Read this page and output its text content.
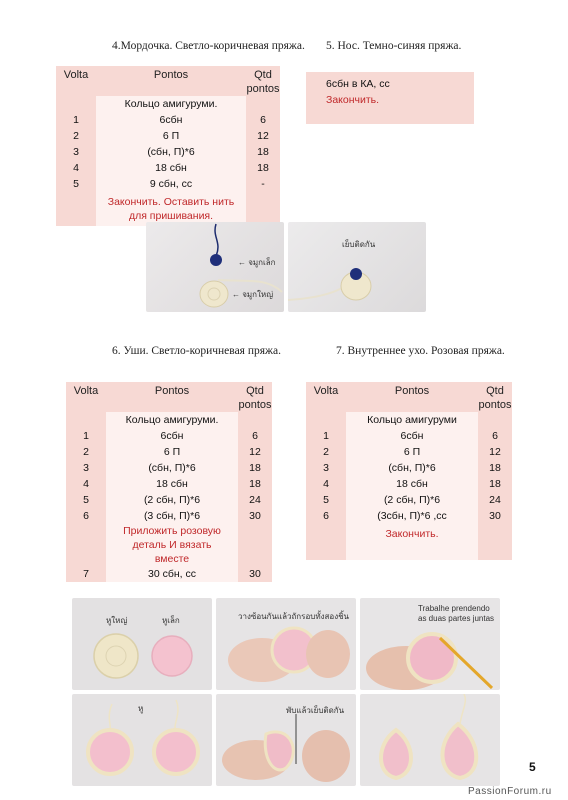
4.Мордочка. Светло-коричневая пряжа.
Volta	Pontos	Qtd pontos
	Кольцо амигуруми.	
1	6сбн	6
2	6 П	12
3	(сбн, П)*6	18
4	18 сбн	18
5	9 сбн, сс	-
	Закончить. Оставить нить для пришивания.	
5. Нос. Темно-синяя пряжа.
6сбн в КА, сс
Закончить.
← จมูกเล็ก
← จมูกใหญ่
เย็บติดกัน
6. Уши. Светло-коричневая пряжа.
Volta	Pontos	Qtd pontos
	Кольцо амигуруми.	
1	6сбн	6
2	6 П	12
3	(сбн, П)*6	18
4	18 сбн	18
5	(2 сбн, П)*6	24
6	(3 сбн, П)*6	30
	Приложить розовую деталь И вязать вместе	
7	30 сбн, сс	30
7. Внутреннее ухо. Розовая пряжа.
Volta	Pontos	Qtd pontos
	Кольцо амигуруми	
1	6сбн	6
2	6 П	12
3	(сбн, П)*6	18
4	18 сбн	18
5	(2 сбн, П)*6	24
6	(3сбн, П)*6 ,сс	30
	Закончить.	

หูใหญ่	หูเล็ก	วางซ้อนกันแล้วถักรอบทั้งสองชิ้น
Trabalhe prendendo as duas partes juntas
หู	พับแล้วเย็บติดกัน
5
PassionForum.ru
